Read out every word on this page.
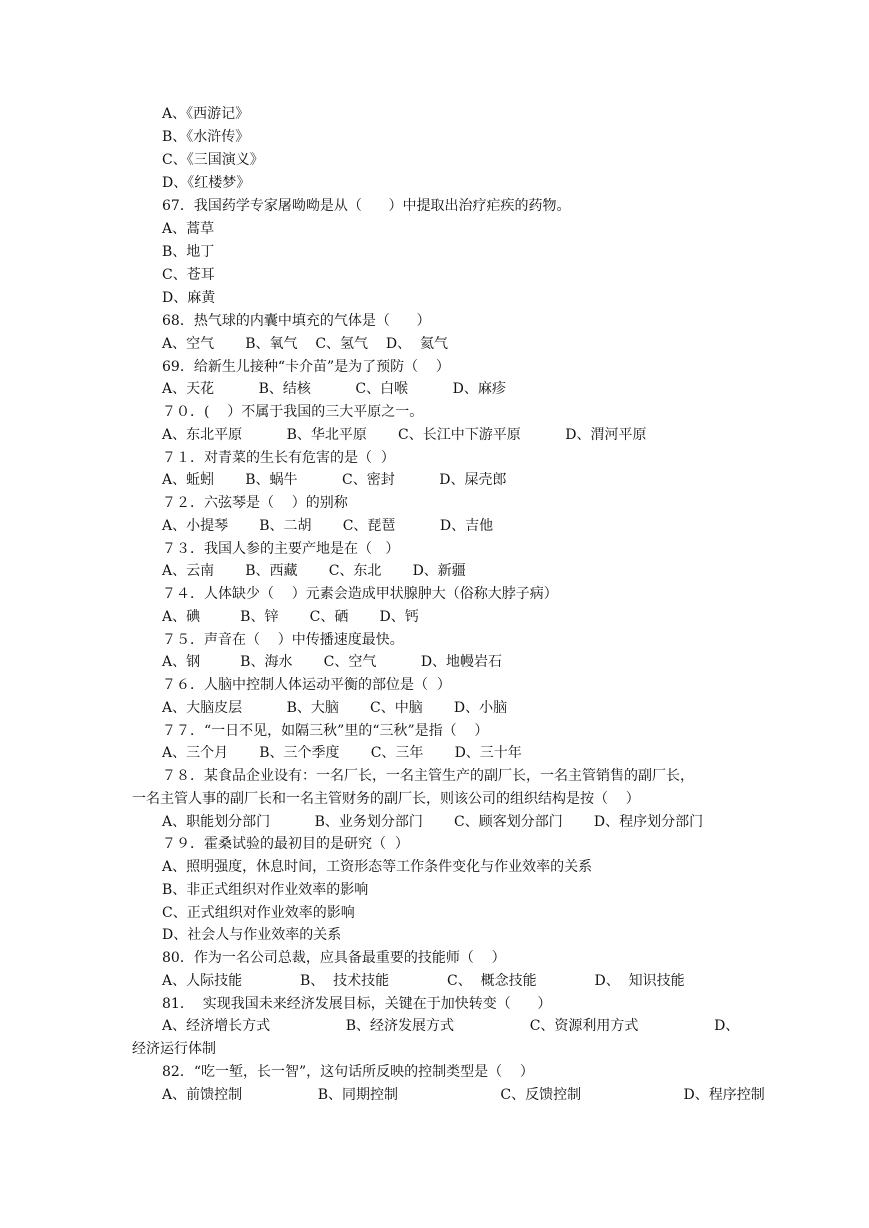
A、《西游记》
B、《水浒传》
C、《三国演义》
D、《红楼梦》
67．我国药学专家屠呦呦是从（      ）中提取出治疗疟疾的药物。
A、蒿草
B、地丁
C、苍耳
D、麻黄
68．热气球的内囊中填充的气体是（      ）
A、空气       B、氧气    C、氢气    D、  氦气
69．给新生儿接种“卡介苗”是为了预防（    ）
A、天花          B、结核          C、白喉          D、麻疹
７０．(    ）不属于我国的三大平原之一。
A、东北平原          B、华北平原       C、长江中下游平原          D、渭河平原
７１．对青菜的生长有危害的是（  ）
A、蚯蚓       B、蜗牛          C、密封          D、屎壳郎
７２．六弦琴是（    ）的别称
A、小提琴       B、二胡       C、琵琶          D、吉他
７３．我国人参的主要产地是在（   ）
A、云南       B、西藏       C、东北       D、新疆
７４．人体缺少（    ）元素会造成甲状腺肿大（俗称大脖子病）
A、碘         B、锌       C、硒       D、钙
７５．声音在（    ）中传播速度最快。
A、钢         B、海水       C、空气          D、地幔岩石
７６．人脑中控制人体运动平衡的部位是（  ）
A、大脑皮层          B、大脑       C、中脑       D、小脑
７７．“一日不见，如隔三秋”里的“三秋”是指（    ）
A、三个月       B、三个季度       C、三年       D、三十年
７８．某食品企业设有：一名厂长，一名主管生产的副厂长，一名主管销售的副厂长，
一名主管人事的副厂长和一名主管财务的副厂长，则该公司的组织结构是按（    ）
A、职能划分部门          B、业务划分部门       C、顾客划分部门       D、程序划分部门
７９．霍桑试验的最初目的是研究（  ）
A、照明强度，休息时间，工资形态等工作条件变化与作业效率的关系
B、非正式组织对作业效率的影响
C、正式组织对作业效率的影响
D、社会人与作业效率的关系
80．作为一名公司总裁，应具备最重要的技能师（    ）
A、人际技能             B、  技术技能             C、  概念技能             D、  知识技能
81．  实现我国未来经济发展目标，关键在于加快转变（      ）
A、经济增长方式                 B、经济发展方式                 C、资源利用方式                 D、
经济运行体制
82．“吃一堑，长一智”，这句话所反映的控制类型是（    ）
A、前馈控制                 B、同期控制                       C、反馈控制                       D、程序控制
